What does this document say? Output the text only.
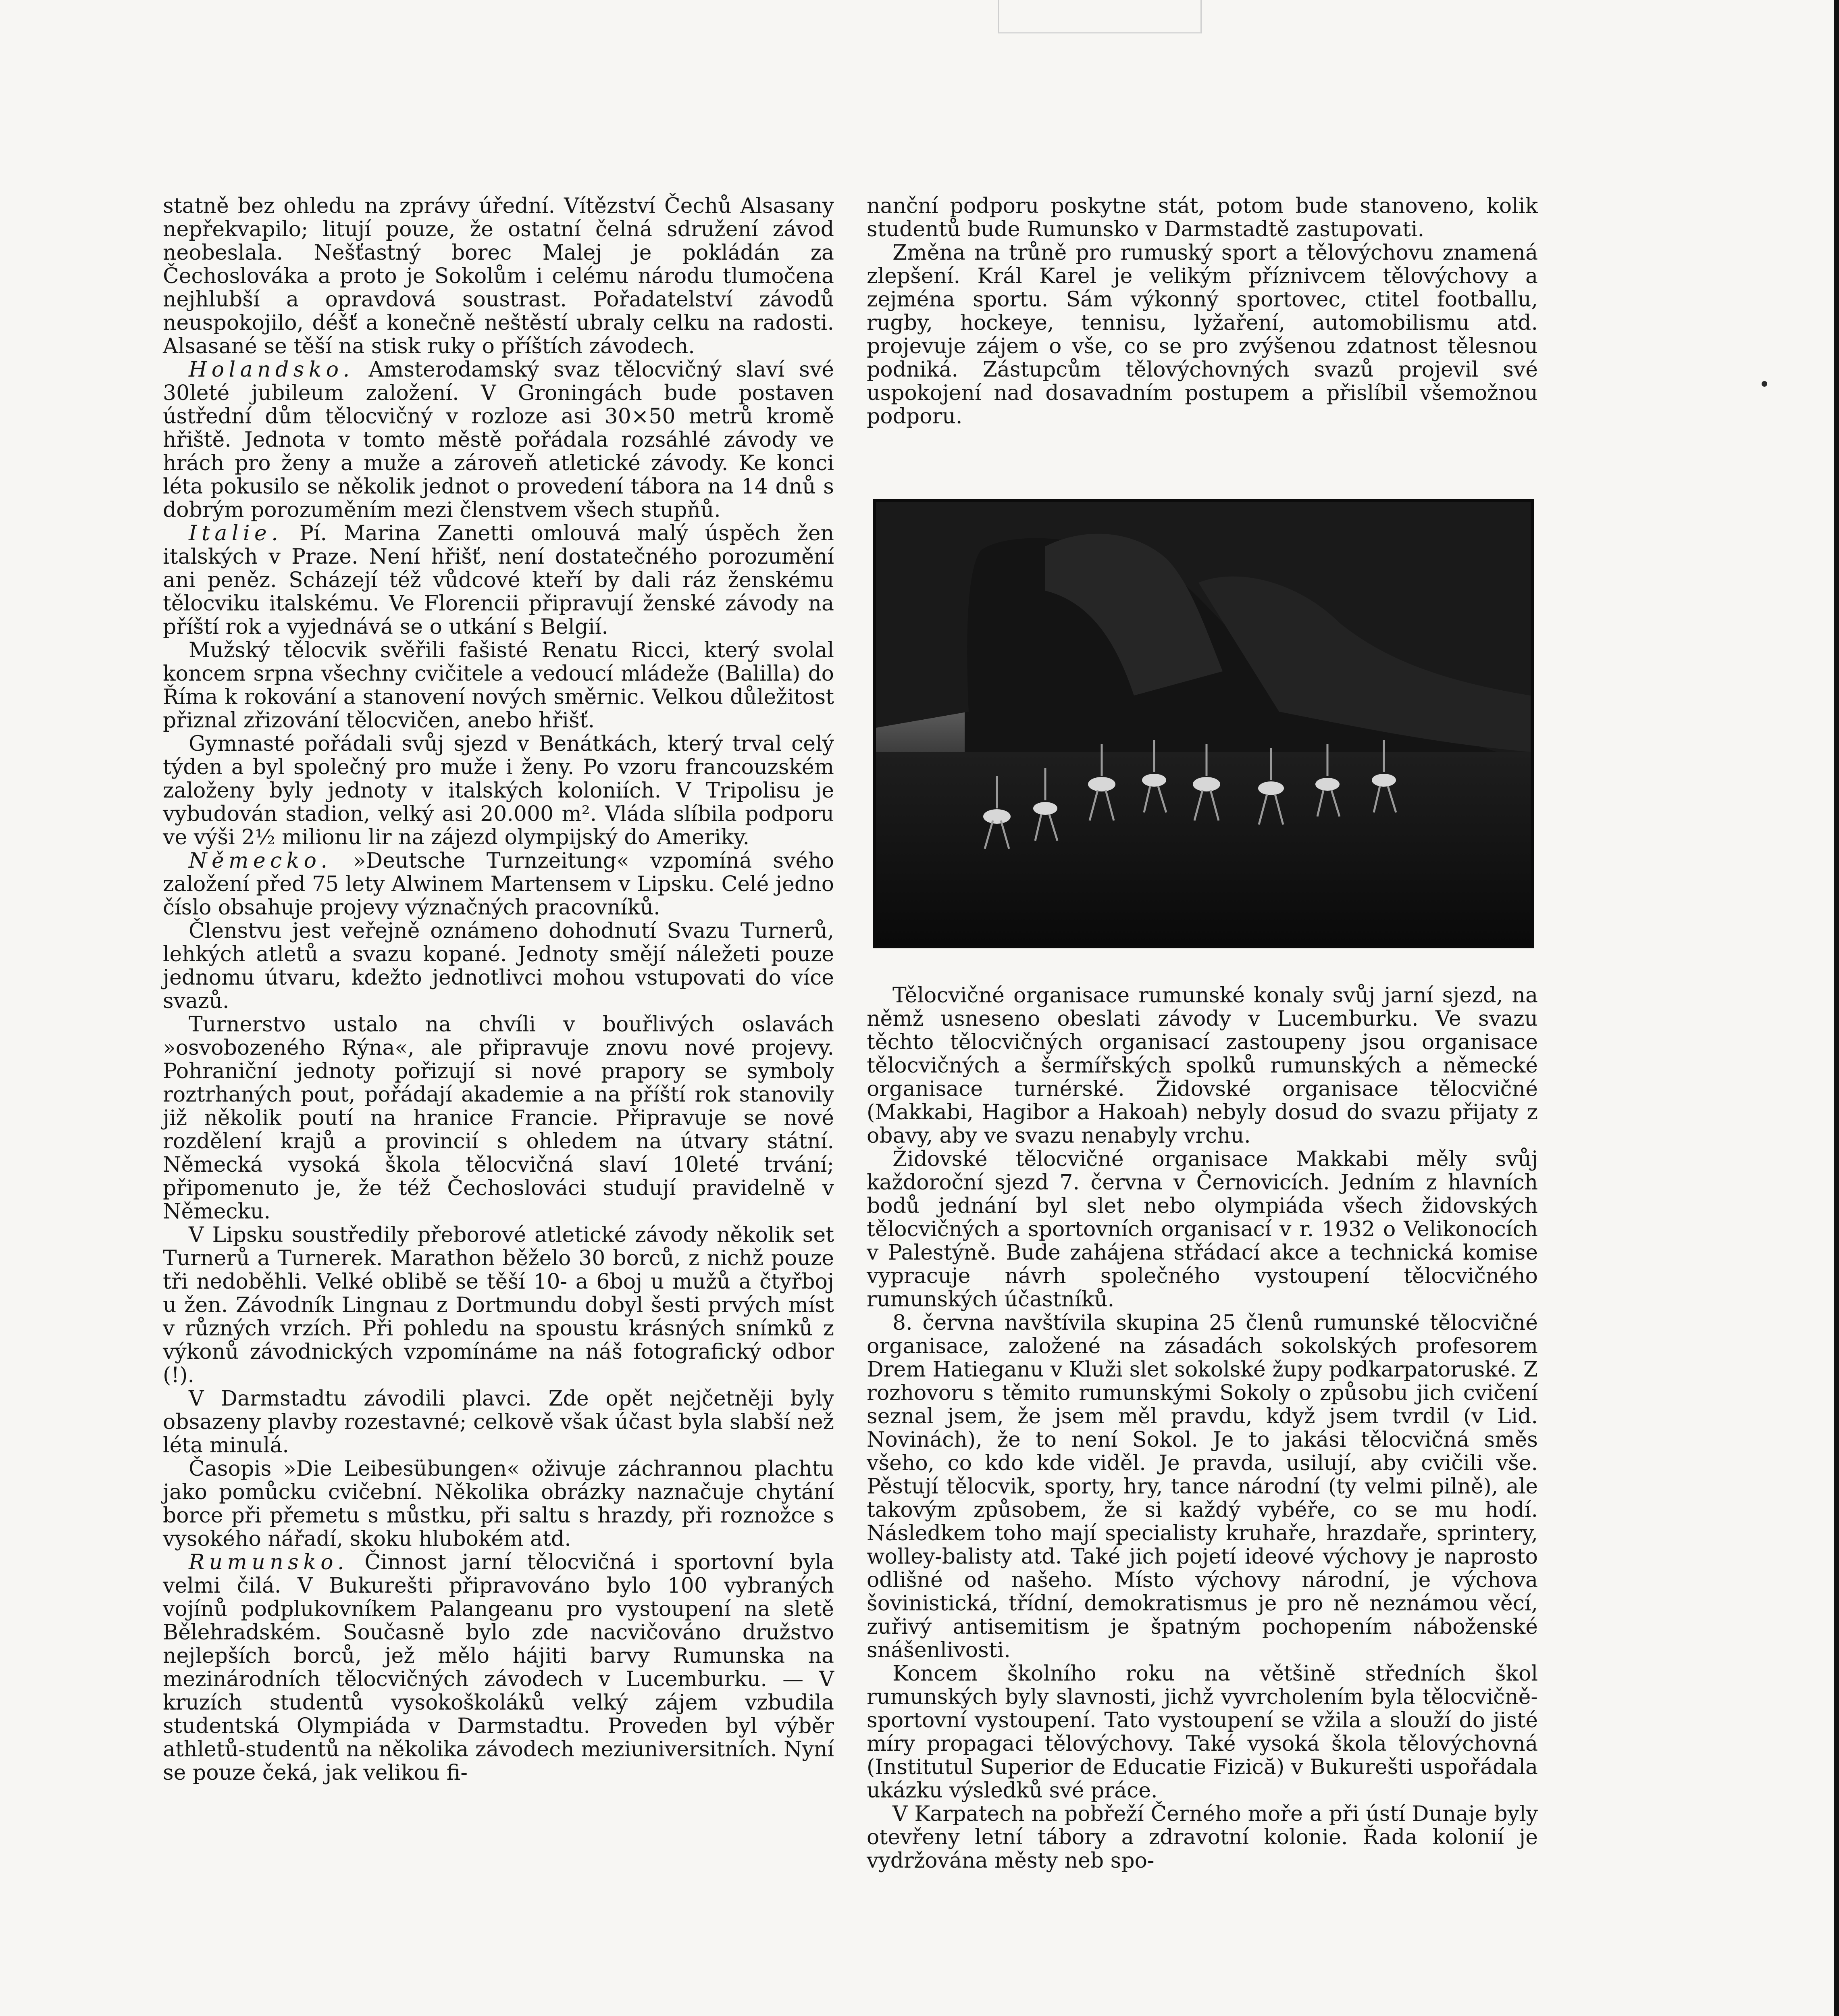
statně bez ohledu na zprávy úřední. Vítězství Čechů Alsasany nepřekvapilo; litují pouze, že ostatní čelná sdružení závod neobeslala. Nešťastný borec Malej je pokládán za Čechoslováka a proto je Sokolům i celému národu tlumočena nejhlubší a opravdová soustrast. Pořadatelství závodů neuspokojilo, déšť a konečně neštěstí ubraly celku na radosti. Alsasané se těší na stisk ruky o příštích závodech.

Holandsko. Amsterodamský svaz tělocvičný slaví své 30leté jubileum založení. V Groningách bude postaven ústřední dům tělocvičný v rozloze asi 30×50 metrů kromě hřiště. Jednota v tomto městě pořádala rozsáhlé závody ve hrách pro ženy a muže a zároveň atletické závody. Ke konci léta pokusilo se několik jednot o provedení tábora na 14 dnů s dobrým porozuměním mezi členstvem všech stupňů.

Italie. Pí. Marina Zanetti omlouvá malý úspěch žen italských v Praze. Není hřišť, není dostatečného porozumění ani peněz. Scházejí též vůdcové kteří by dali ráz ženskému tělocviku italskému. Ve Florencii připravují ženské závody na příští rok a vyjednává se o utkání s Belgií.

Mužský tělocvik svěřili fašisté Renatu Ricci, který svolal koncem srpna všechny cvičitele a vedoucí mládeže (Balilla) do Říma k rokování a stanovení nových směrnic. Velkou důležitost přiznal zřizování tělocvičen, anebo hřišť.

Gymnasté pořádali svůj sjezd v Benátkách, který trval celý týden a byl společný pro muže i ženy. Po vzoru francouzském založeny byly jednoty v italských koloniích. V Tripolisu je vybudován stadion, velký asi 20.000 m². Vláda slíbila podporu ve výši 2½ milionu lir na zájezd olympijský do Ameriky.

Německo. »Deutsche Turnzeitung« vzpomíná svého založení před 75 lety Alwinem Martensem v Lipsku. Celé jedno číslo obsahuje projevy význačných pracovníků.

Členstvu jest veřejně oznámeno dohodnutí Svazu Turnerů, lehkých atletů a svazu kopané. Jednoty smějí náležeti pouze jednomu útvaru, kdežto jednotlivci mohou vstupovati do více svazů.

Turnerstvo ustalo na chvíli v bouřlivých oslavách »osvobozeného Rýna«, ale připravuje znovu nové projevy. Pohraniční jednoty pořizují si nové prapory se symboly roztrhaných pout, pořádají akademie a na příští rok stanovily již několik poutí na hranice Francie. Připravuje se nové rozdělení krajů a provincií s ohledem na útvary státní. Německá vysoká škola tělocvičná slaví 10leté trvání; připomenuto je, že též Čechoslováci studují pravidelně v Německu.

V Lipsku soustředily přeborové atletické závody několik set Turnerů a Turnerek. Marathon běželo 30 borců, z nichž pouze tři nedoběhli. Velké oblibě se těší 10- a 6boj u mužů a čtyřboj u žen. Závodník Lingnau z Dortmundu dobyl šesti prvých míst v různých vrzích. Při pohledu na spoustu krásných snímků z výkonů závodnických vzpomínáme na náš fotografický odbor (!).

V Darmstadtu závodili plavci. Zde opět nejčetněji byly obsazeny plavby rozestavné; celkově však účast byla slabší než léta minulá.

Časopis »Die Leibesübungen« oživuje záchrannou plachtu jako pomůcku cvičební. Několika obrázky naznačuje chytání borce při přemetu s můstku, při saltu s hrazdy, při roznožce s vysokého nářadí, skoku hlubokém atd.

Rumunsko. Činnost jarní tělocvičná i sportovní byla velmi čilá. V Bukurešti připravováno bylo 100 vybraných vojínů podplukovníkem Palangeanu pro vystoupení na sletě Bělehradském. Současně bylo zde nacvičováno družstvo nejlepších borců, jež mělo hájiti barvy Rumunska na mezinárodních tělocvičných závodech v Lucemburku. — V kruzích studentů vysokoškoláků velký zájem vzbudila studentská Olympiáda v Darmstadtu. Proveden byl výběr athletů-studentů na několika závodech meziuniversitních. Nyní se pouze čeká, jak velikou fi-

nanční podporu poskytne stát, potom bude stanoveno, kolik studentů bude Rumunsko v Darmstadtě zastupovati.

Změna na trůně pro rumuský sport a tělovýchovu znamená zlepšení. Král Karel je velikým příznivcem tělovýchovy a zejména sportu. Sám výkonný sportovec, ctitel footballu, rugby, hockeye, tennisu, lyžaření, automobilismu atd. projevuje zájem o vše, co se pro zvýšenou zdatnost tělesnou podniká. Zástupcům tělovýchovných svazů projevil své uspokojení nad dosavadním postupem a přislíbil všemožnou podporu.

Tělocvičné organisace rumunské konaly svůj jarní sjezd, na němž usneseno obeslati závody v Lucemburku. Ve svazu těchto tělocvičných organisací zastoupeny jsou organisace tělocvičných a šermířských spolků rumunských a německé organisace turnérské. Židovské organisace tělocvičné (Makkabi, Hagibor a Hakoah) nebyly dosud do svazu přijaty z obavy, aby ve svazu nenabyly vrchu.

Židovské tělocvičné organisace Makkabi měly svůj každoroční sjezd 7. června v Černovicích. Jedním z hlavních bodů jednání byl slet nebo olympiáda všech židovských tělocvičných a sportovních organisací v r. 1932 o Velikonocích v Palestýně. Bude zahájena střádací akce a technická komise vypracuje návrh společného vystoupení tělocvičného rumunských účastníků.

8. června navštívila skupina 25 členů rumunské tělocvičné organisace, založené na zásadách sokolských profesorem Drem Hatieganu v Kluži slet sokolské župy podkarpatoruské. Z rozhovoru s těmito rumunskými Sokoly o způsobu jich cvičení seznal jsem, že jsem měl pravdu, když jsem tvrdil (v Lid. Novinách), že to není Sokol. Je to jakási tělocvičná směs všeho, co kdo kde viděl. Je pravda, usilují, aby cvičili vše. Pěstují tělocvik, sporty, hry, tance národní (ty velmi pilně), ale takovým způsobem, že si každý vybéře, co se mu hodí. Následkem toho mají specialisty kruhaře, hrazdaře, sprintery, wolley-balisty atd. Také jich pojetí ideové výchovy je naprosto odlišné od našeho. Místo výchovy národní, je výchova šovinistická, třídní, demokratismus je pro ně neznámou věcí, zuřivý antisemitism je špatným pochopením náboženské snášenlivosti.

Koncem školního roku na většině středních škol rumunských byly slavnosti, jichž vyvrcholením byla tělocvičně-sportovní vystoupení. Tato vystoupení se vžila a slouží do jisté míry propagaci tělovýchovy. Také vysoká škola tělovýchovná (Institutul Superior de Educatie Fizică) v Bukurešti uspořádala ukázku výsledků své práce.

V Karpatech na pobřeží Černého moře a při ústí Dunaje byly otevřeny letní tábory a zdravotní kolonie. Řada kolonií je vydržována městy neb spo-
